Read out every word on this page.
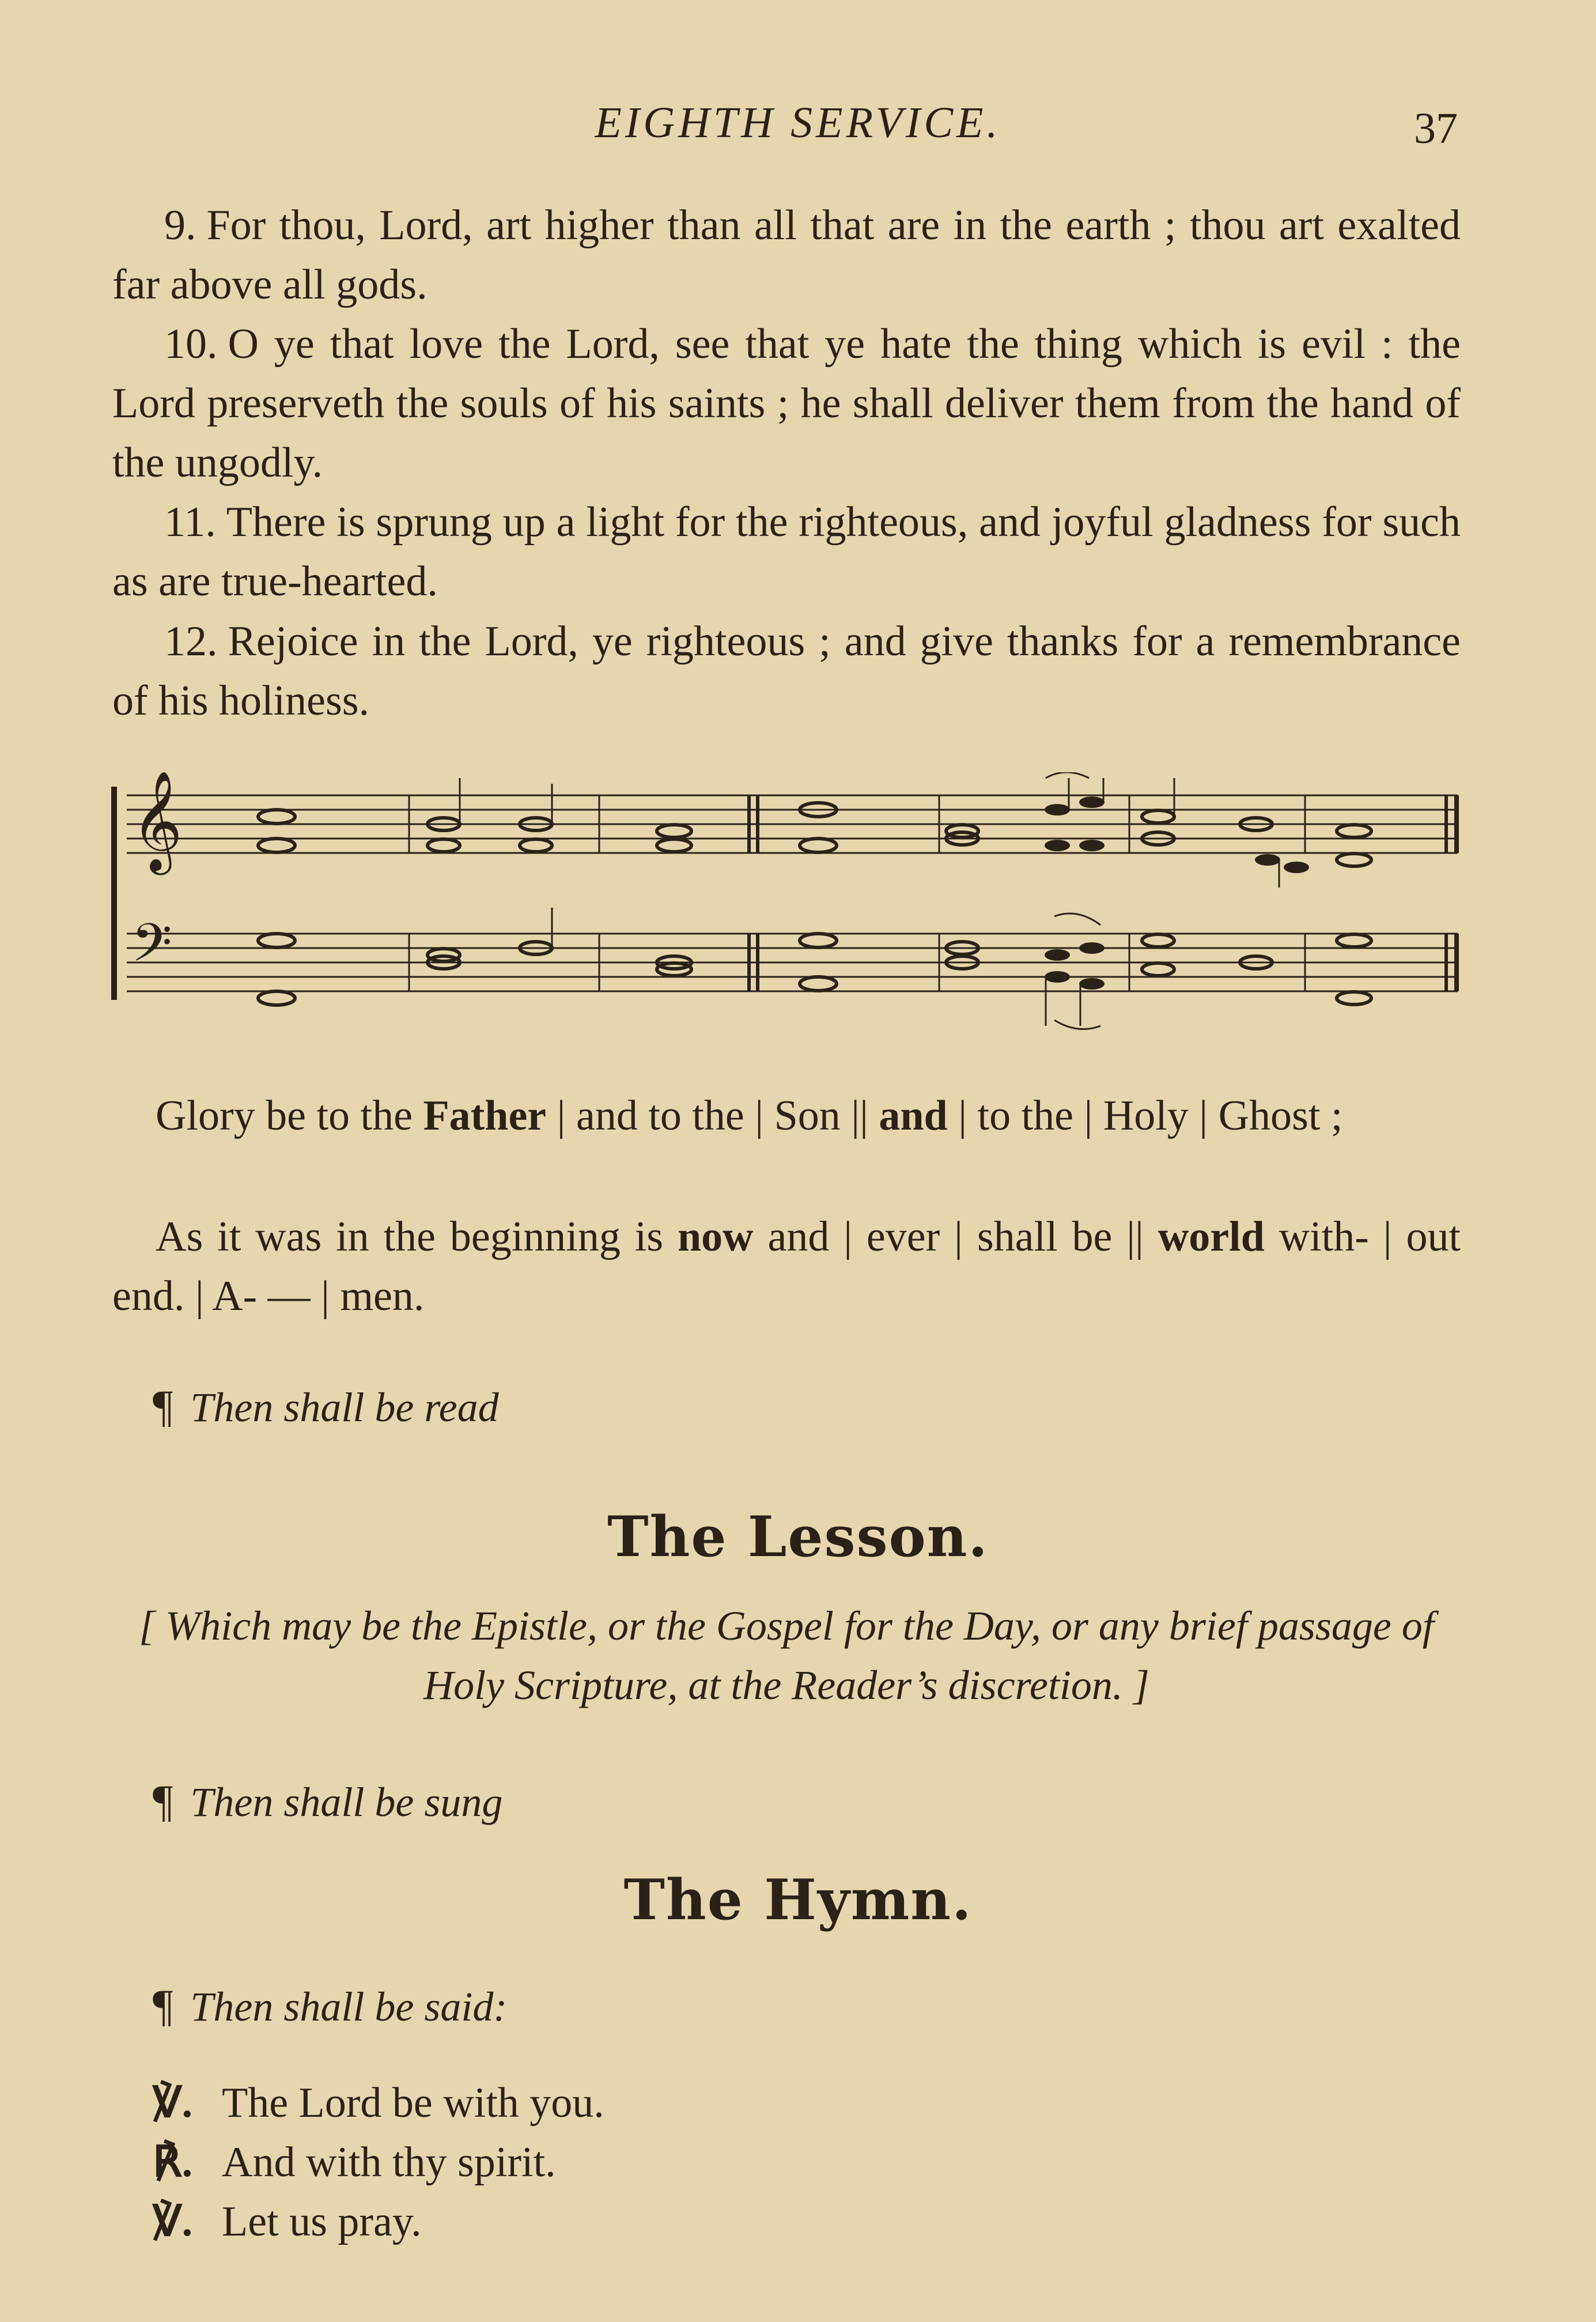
EIGHTH SERVICE.	37
9. For thou, Lord, art higher than all that are in the earth ; thou art exalted far above all gods.
10. O ye that love the Lord, see that ye hate the thing which is evil : the Lord preserveth the souls of his saints ; he shall deliver them from the hand of the ungodly.
11. There is sprung up a light for the righteous, and joyful gladness for such as are true-hearted.
12. Rejoice in the Lord, ye righteous ; and give thanks for a remembrance of his holiness.
𝄞
𝄢
Glory be to the Father | and to the | Son || and | to the | Holy | Ghost ;
As it was in the beginning is now and | ever | shall be || world with- | out end. | A- — | men.
¶ Then shall be read
The Lesson.
[ Which may be the Epistle, or the Gospel for the Day, or any brief passage of Holy Scripture, at the Reader’s discretion. ]
¶ Then shall be sung
The Hymn.
¶ Then shall be said:
℣. The Lord be with you.
℟. And with thy spirit.
℣. Let us pray.
